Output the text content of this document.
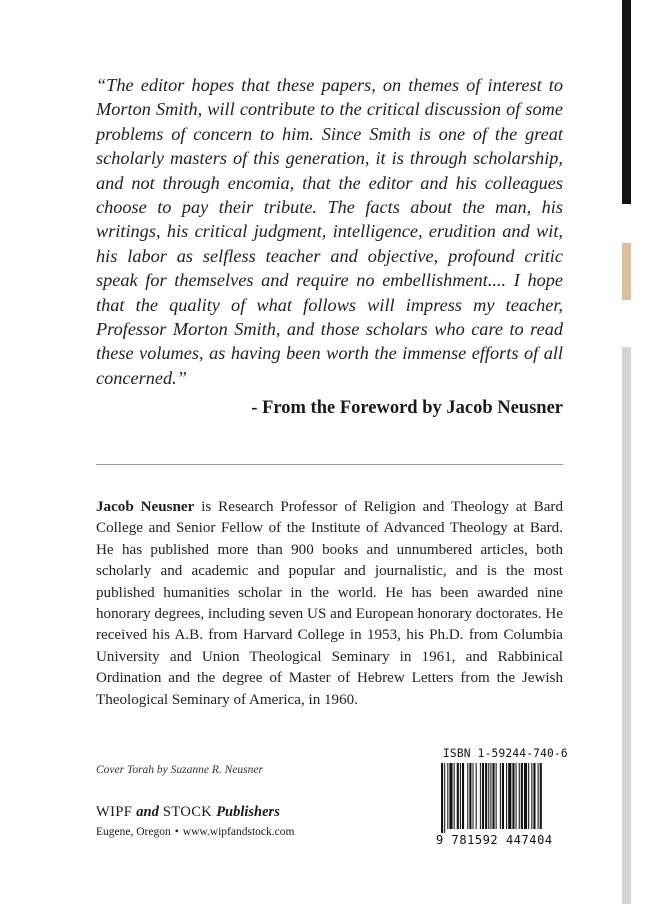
“The editor hopes that these papers, on themes of interest to Morton Smith, will contribute to the critical discussion of some problems of concern to him. Since Smith is one of the great scholarly masters of this generation, it is through scholarship, and not through encomia, that the editor and his colleagues choose to pay their tribute. The facts about the man, his writings, his critical judgment, intelligence, erudition and wit, his labor as selfless teacher and objective, profound critic speak for themselves and require no embellishment.... I hope that the quality of what follows will impress my teacher, Professor Morton Smith, and those scholars who care to read these volumes, as having been worth the immense efforts of all concerned.”

- From the Foreword by Jacob Neusner

Jacob Neusner is Research Professor of Religion and Theology at Bard College and Senior Fellow of the Institute of Advanced Theology at Bard. He has published more than 900 books and unnumbered articles, both scholarly and academic and popular and journalistic, and is the most published humanities scholar in the world. He has been awarded nine honorary degrees, including seven US and European honorary doctorates. He received his A.B. from Harvard College in 1953, his Ph.D. from Columbia University and Union Theological Seminary in 1961, and Rabbinical Ordination and the degree of Master of Hebrew Letters from the Jewish Theological Seminary of America, in 1960.

Cover Torah by Suzanne R. Neusner
WIPF and STOCK Publishers
Eugene, Oregon • www.wipfandstock.com
ISBN 1-59244-740-6
9 781592 447404
